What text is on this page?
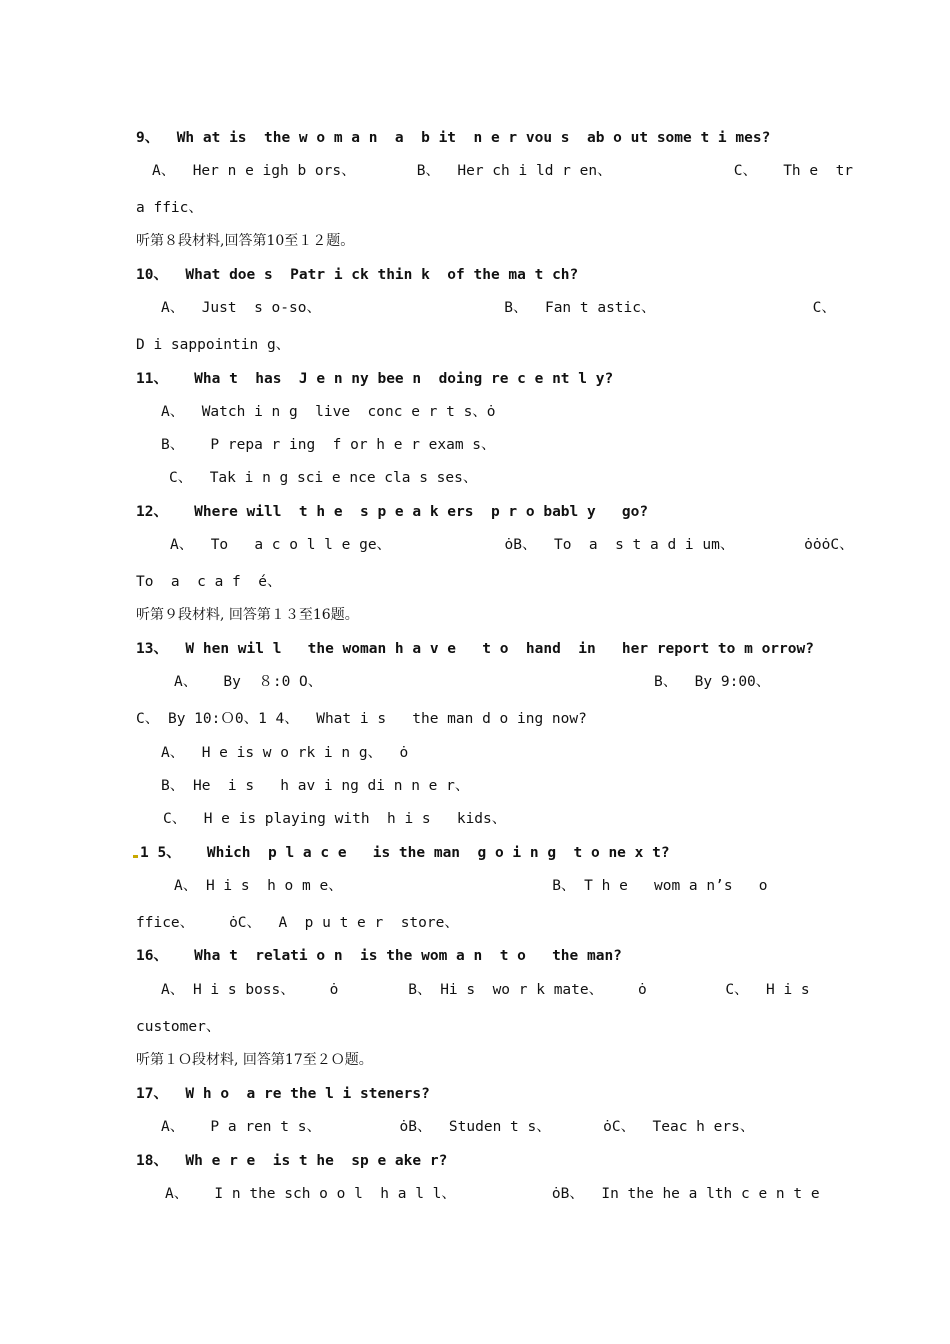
9、  Wh at is  the w o m a n  a  b it  n e r vou s  ab o ut some t i mes?
A、  Her n e igh b ors、       B、  Her ch i ld r en、              C、   Th e  tr
a ffic、
听第８段材料,回答第10至１２题。
10、  What doe s  Patr i ck thin k  of the ma t ch?
A、  Just  s o-so、                     B、  Fan t astic、                  C、
D i sappointin g、
11、   Wha t  has  J e n ny bee n  doing re c e nt l y?
A、  Watch i n g  live  conc e r t s、ȯ
B、   P repa r ing  f or h e r exam s、
C、  Tak i n g sci e nce cla s ses、
12、   Where will  t h e  s p e a k ers  p r o babl y   go?
A、  To   a c o l l e ge、             ȯB、  To  a  s t a d i um、        ȯȯȯC、
To  a  c a f  é、
听第９段材料, 回答第１３至16题。
13、  W hen wil l   the woman h a v e   t o  hand  in   her report to m orrow?
A、   By  ８:0 O、                                      B、  By 9:00、
C、 By 10:Ｏ0、1 4、  What i s   the man d o ing now?
A、  H e is w o rk i n g、  ȯ
B、 He  i s   h av i ng di n n e r、
C、  H e is playing with  h i s   kids、
1 5、   Which  p l a c e   is the man  g o i n g  t o ne x t?
A、 H i s  h o m e、                        B、 T h e   wom a n’s   o
ffice、    ȯC、  A  p u t e r  store、
16、   Wha t  relati o n  is the wom a n  t o   the man?
A、 H i s boss、    ȯ        B、 Hi s  wo r k mate、    ȯ         C、  H i s
customer、
听第１Ｏ段材料, 回答第17至２Ｏ题。
17、  W h o  a re the l i steners?
A、   P a ren t s、         ȯB、  Studen t s、      ȯC、  Teac h ers、
18、  Wh e r e  is t he  sp e ake r?
A、   I n the sch o o l  h a l l、           ȯB、  In the he a lth c e n t e
